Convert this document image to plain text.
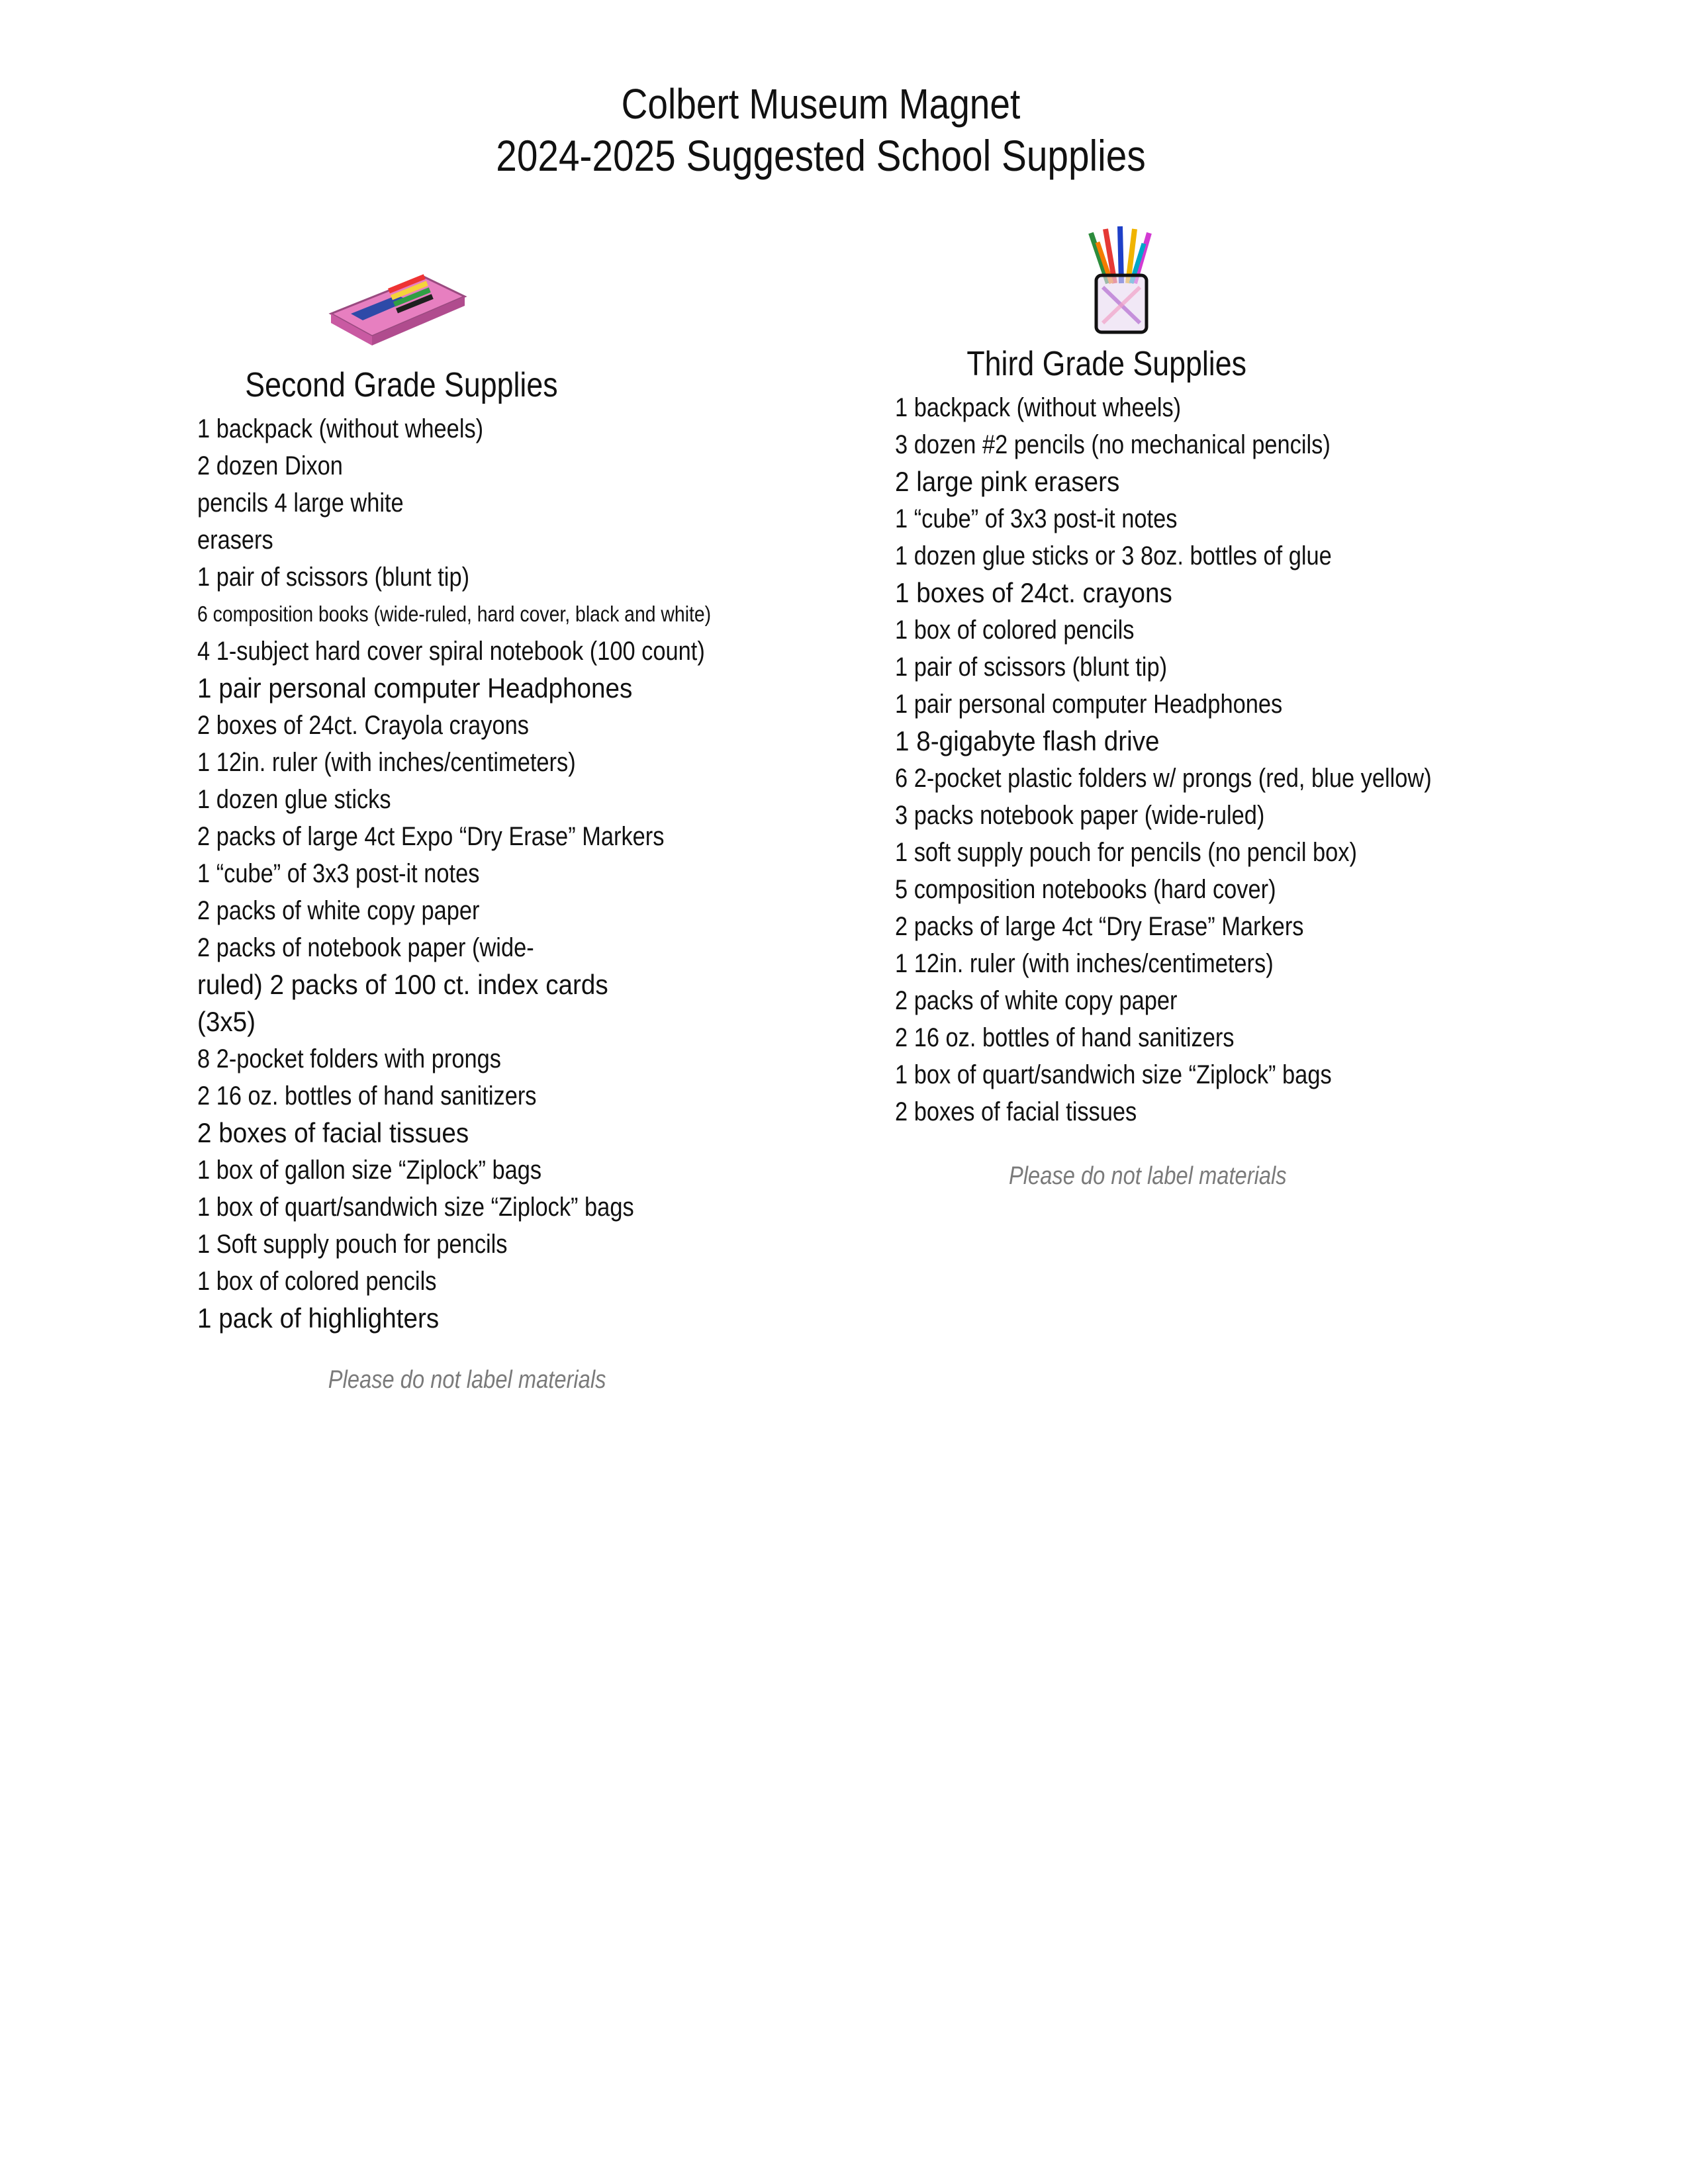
Colbert Museum Magnet
2024-2025 Suggested School Supplies
Second Grade Supplies
1 backpack (without wheels)
2 dozen Dixon
pencils 4 large white
erasers
1 pair of scissors (blunt tip)
6 composition books (wide-ruled, hard cover, black and white)
4 1-subject hard cover spiral notebook (100 count)
1 pair personal computer Headphones
2 boxes of 24ct. Crayola crayons
1 12in. ruler (with inches/centimeters)
1 dozen glue sticks
2 packs of large 4ct Expo “Dry Erase” Markers
1 “cube” of 3x3 post-it notes
2 packs of white copy paper
2 packs of notebook paper (wide-
ruled) 2 packs of 100 ct. index cards
(3x5)
8 2-pocket folders with prongs
2 16 oz. bottles of hand sanitizers
2 boxes of facial tissues
1 box of gallon size “Ziplock” bags
1 box of quart/sandwich size “Ziplock” bags
1 Soft supply pouch for pencils
1 box of colored pencils
1 pack of highlighters
Please do not label materials
Third Grade Supplies
1 backpack (without wheels)
3 dozen #2 pencils (no mechanical pencils)
2 large pink erasers
1 “cube” of 3x3 post-it notes
1 dozen glue sticks or 3 8oz. bottles of glue
1 boxes of 24ct. crayons
1 box of colored pencils
1 pair of scissors (blunt tip)
1 pair personal computer Headphones
1 8-gigabyte flash drive
6 2-pocket plastic folders w/ prongs (red, blue yellow)
3 packs notebook paper (wide-ruled)
1 soft supply pouch for pencils (no pencil box)
5 composition notebooks (hard cover)
2 packs of large 4ct “Dry Erase” Markers
1 12in. ruler (with inches/centimeters)
2 packs of white copy paper
2 16 oz. bottles of hand sanitizers
1 box of quart/sandwich size “Ziplock” bags
2 boxes of facial tissues
Please do not label materials
